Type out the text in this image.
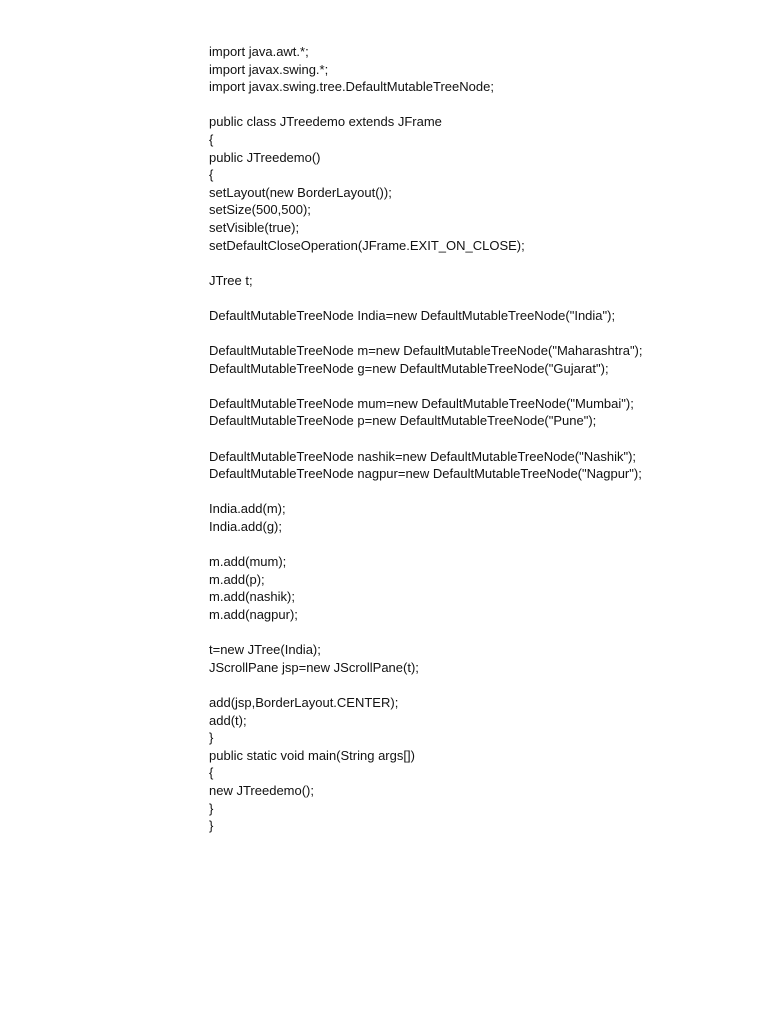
import java.awt.*;
import javax.swing.*;
import javax.swing.tree.DefaultMutableTreeNode;
public class JTreedemo extends JFrame
{
public JTreedemo()
{
setLayout(new BorderLayout());
setSize(500,500);
setVisible(true);
setDefaultCloseOperation(JFrame.EXIT_ON_CLOSE);
JTree t;
DefaultMutableTreeNode India=new DefaultMutableTreeNode("India");
DefaultMutableTreeNode m=new DefaultMutableTreeNode("Maharashtra");
DefaultMutableTreeNode g=new DefaultMutableTreeNode("Gujarat");
DefaultMutableTreeNode mum=new DefaultMutableTreeNode("Mumbai");
DefaultMutableTreeNode p=new DefaultMutableTreeNode("Pune");
DefaultMutableTreeNode nashik=new DefaultMutableTreeNode("Nashik");
DefaultMutableTreeNode nagpur=new DefaultMutableTreeNode("Nagpur");
India.add(m);
India.add(g);
m.add(mum);
m.add(p);
m.add(nashik);
m.add(nagpur);
t=new JTree(India);
JScrollPane jsp=new JScrollPane(t);
add(jsp,BorderLayout.CENTER);
add(t);
}
public static void main(String args[])
{
new JTreedemo();
}
}
